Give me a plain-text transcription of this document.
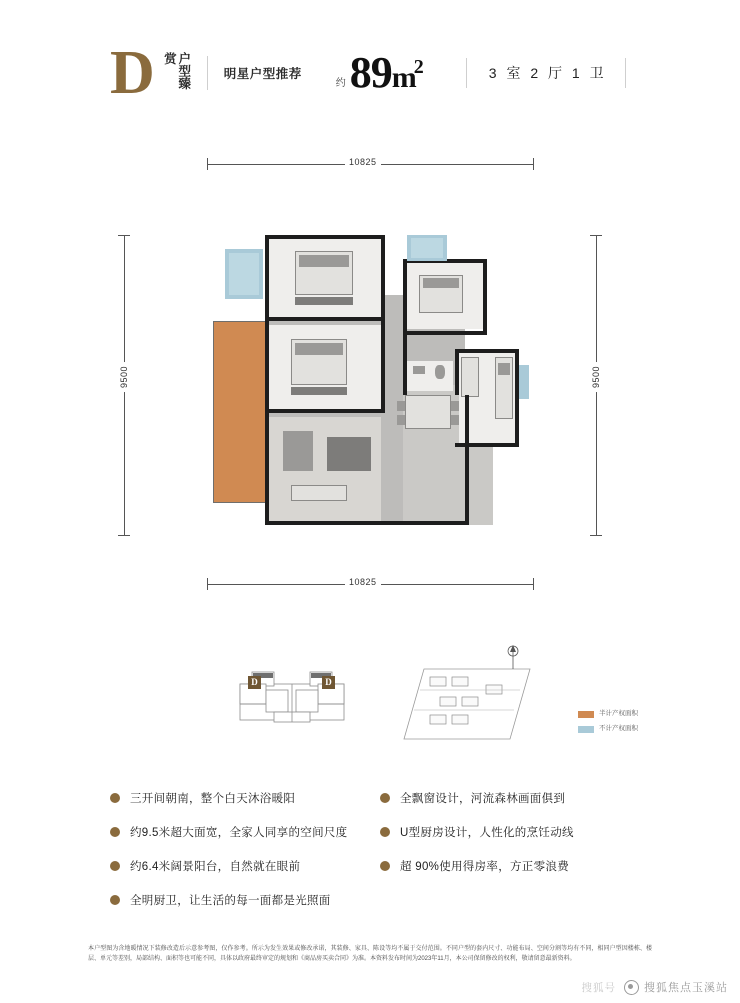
D	户型臻赏
明星户型推荐
约 89 m
2	3 室 2 厅 1 卫
10825
10825
9500	9500
半计产权面积
不计产权面积
D	D
三开间朝南，整个白天沐浴暖阳
约9.5米超大面宽，全家人同享的空间尺度
约6.4米阔景阳台，自然就在眼前
全明厨卫，让生活的每一面都是光照面
全飘窗设计，河流森林画面俱到
U型厨房设计，人性化的烹饪动线
超 90%使用得房率，方正零浪费
本户型图为含地暖情况下装修改造后示意参考图，仅作参考。所示为发生效果或修改承诺，其装修、家具、陈设等均不属于交付范围。不同户型的套内尺寸、功能布局、空间分割等均有不同，相同户型因楼栋、楼层、单元等差别，局部结构、面积等也可能不同，具体以政府最终审定的规划和《商品房买卖合同》为准。本资料发布时间为2023年11月，本公司保留修改的权利，敬请留意最新资料。
搜狐号	搜狐焦点玉溪站
